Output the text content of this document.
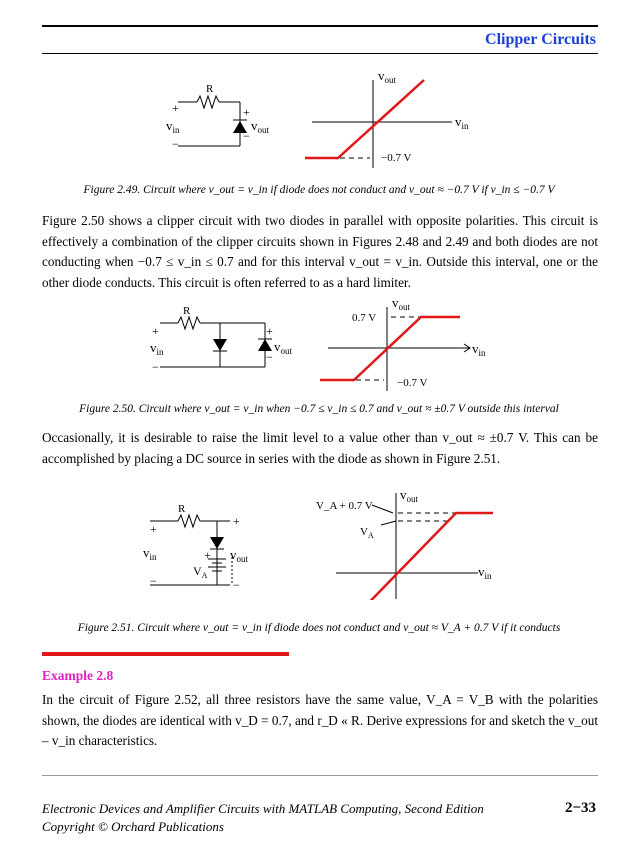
Clipper Circuits
R
+
−
+
−
$v_{in}$	$v_{out}$
$v_{out}$
$v_{in}$
−0.7 V
Figure 2.49. Circuit where v_out = v_in if diode does not conduct and v_out ≈ −0.7 V if v_in ≤ −0.7 V
Figure 2.50 shows a clipper circuit with two diodes in parallel with opposite polarities. This circuit is effectively a combination of the clipper circuits shown in Figures 2.48 and 2.49 and both diodes are not conducting when −0.7 ≤ v_in ≤ 0.7 and for this interval v_out = v_in. Outside this interval, one or the other diode conducts. This circuit is often referred to as a hard limiter.
R
+
−
+
−
$v_{in}$	$v_{out}$
$v_{out}$
$v_{in}$
0.7 V
−0.7 V
Figure 2.50. Circuit where v_out = v_in when −0.7 ≤ v_in ≤ 0.7 and v_out ≈ ±0.7 V outside this interval
Occasionally, it is desirable to raise the limit level to a value other than v_out ≈ ±0.7 V. This can be accomplished by placing a DC source in series with the diode as shown in Figure 2.51.
R
+
−
+
−
+
$v_{in}$	$v_{out}$
$V_A$
$v_{out}$
$v_{in}$
V_A + 0.7 V
$V_A$
Figure 2.51. Circuit where v_out = v_in if diode does not conduct and v_out ≈ V_A + 0.7 V if it conducts
Example 2.8
In the circuit of Figure 2.52, all three resistors have the same value, V_A = V_B with the polarities shown, the diodes are identical with v_D = 0.7, and r_D « R. Derive expressions for and sketch the v_out – v_in characteristics.
Electronic Devices and Amplifier Circuits with MATLAB Computing, Second Edition
Copyright © Orchard Publications
2−33
